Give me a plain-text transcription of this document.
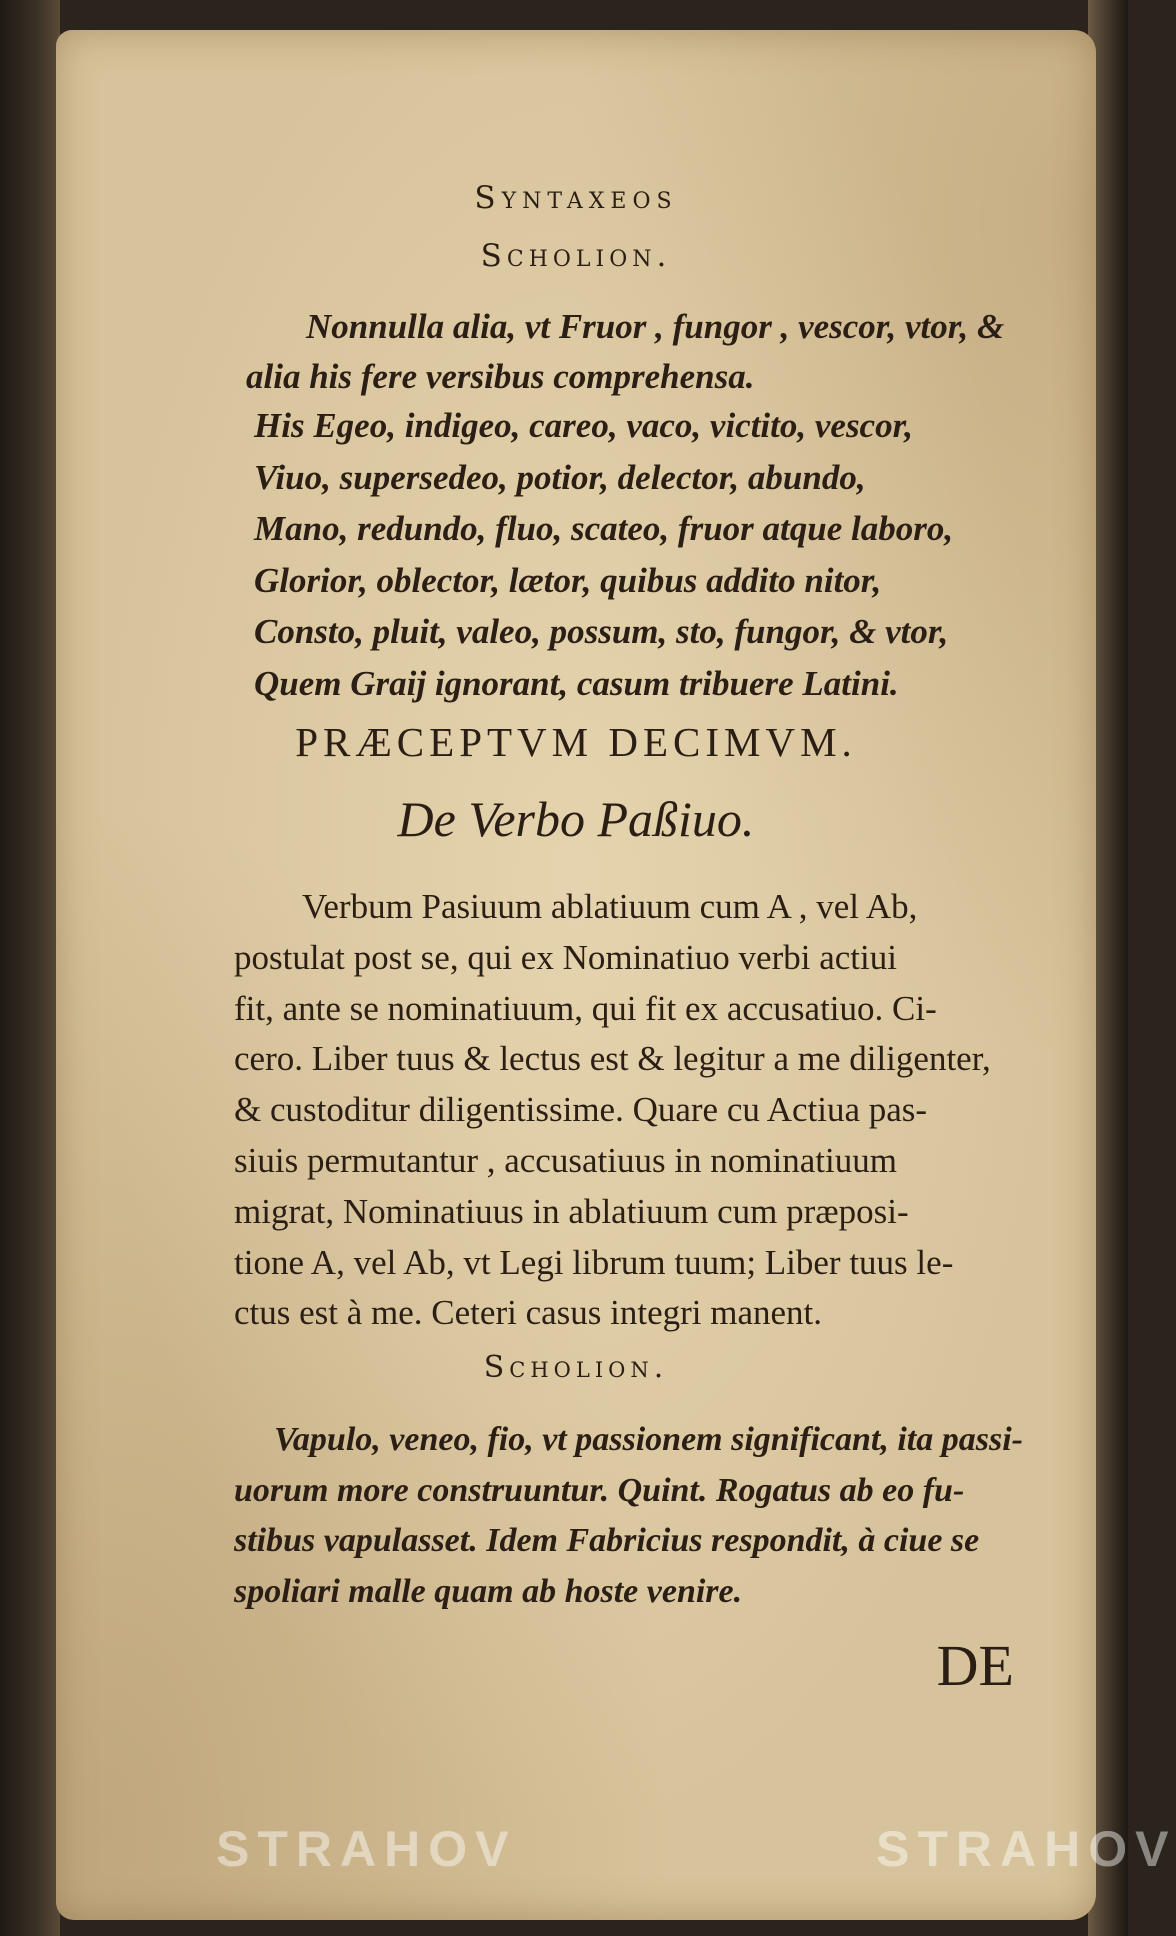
Syntaxeos
Scholion.
Nonnulla alia, vt Fruor , fungor , vescor, vtor, &
alia his fere versibus comprehensa.
His Egeo, indigeo, careo, vaco, victito, vescor,
Viuo, supersedeo, potior, delector, abundo,
Mano, redundo, fluo, scateo, fruor atque laboro,
Glorior, oblector, lætor, quibus addito nitor,
Consto, pluit, valeo, possum, sto, fungor, & vtor,
Quem Graij ignorant, casum tribuere Latini.
PRÆCEPTVM DECIMVM.
De Verbo Paßiuo.
Verbum Pasiuum ablatiuum cum A , vel Ab,
postulat post se, qui ex Nominatiuo verbi actiui
fit, ante se nominatiuum, qui fit ex accusatiuo. Ci-
cero. Liber tuus & lectus est & legitur a me diligenter,
& custoditur diligentissime. Quare cu Actiua pas-
siuis permutantur , accusatiuus in nominatiuum
migrat, Nominatiuus in ablatiuum cum præposi-
tione A, vel Ab, vt Legi librum tuum; Liber tuus le-
ctus est à me. Ceteri casus integri manent.
Scholion.
Vapulo, veneo, fio, vt passionem significant, ita passi-
uorum more construuntur. Quint. Rogatus ab eo fu-
stibus vapulasset. Idem Fabricius respondit, à ciue se
spoliari malle quam ab hoste venire.
DE
STRAHOV	STRAHOV
